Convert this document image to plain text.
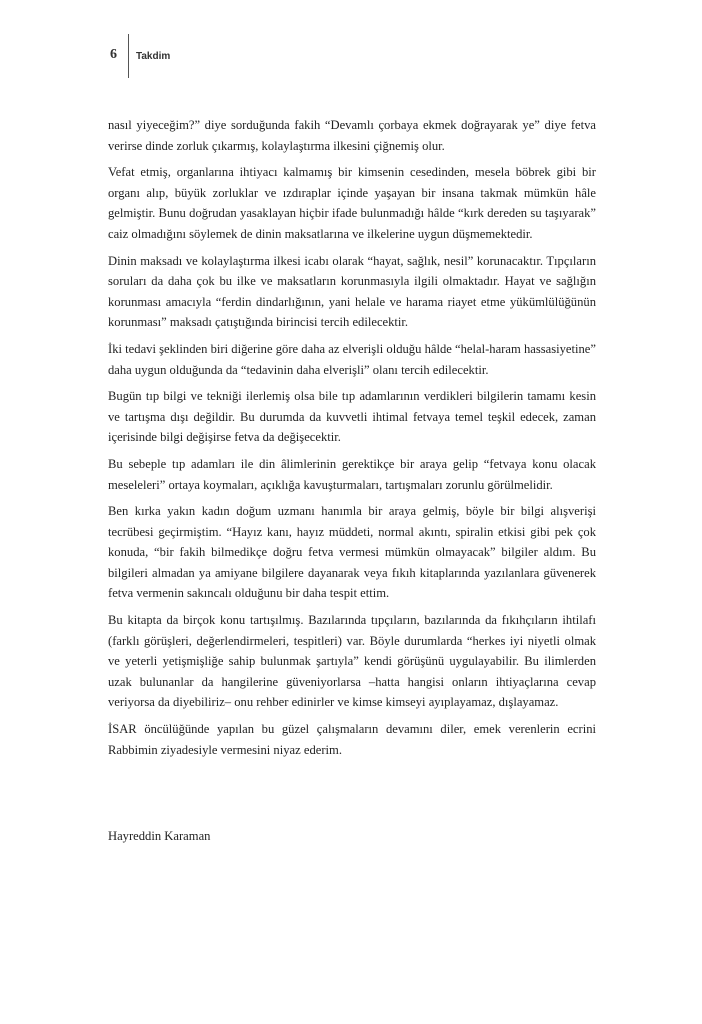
6 Takdim

nasıl yiyeceğim?” diye sorduğunda fakih “Devamlı çorbaya ekmek doğrayarak ye” diye fetva verirse dinde zorluk çıkarmış, kolaylaştırma ilkesini çiğnemiş olur.

Vefat etmiş, organlarına ihtiyacı kalmamış bir kimsenin cesedinden, mesela böbrek gibi bir organı alıp, büyük zorluklar ve ızdıraplar içinde yaşayan bir insana takmak mümkün hâle gelmiştir. Bunu doğrudan yasaklayan hiçbir ifade bulunmadığı hâlde “kırk dereden su taşıyarak” caiz olmadığını söylemek de dinin maksatlarına ve ilkelerine uygun düşmemektedir.

Dinin maksadı ve kolaylaştırma ilkesi icabı olarak “hayat, sağlık, nesil” korunacaktır. Tıpçıların soruları da daha çok bu ilke ve maksatların korunmasıyla ilgili olmaktadır. Hayat ve sağlığın korunması amacıyla “ferdin dindarlığının, yani helale ve harama riayet etme yükümlülüğünün korunması” maksadı çatıştığında birincisi tercih edilecektir.

İki tedavi şeklinden biri diğerine göre daha az elverişli olduğu hâlde “helal-haram hassasiyetine” daha uygun olduğunda da “tedavinin daha elverişli” olanı tercih edilecektir.

Bugün tıp bilgi ve tekniği ilerlemiş olsa bile tıp adamlarının verdikleri bilgilerin tamamı kesin ve tartışma dışı değildir. Bu durumda da kuvvetli ihtimal fetvaya temel teşkil edecek, zaman içerisinde bilgi değişirse fetva da değişecektir.

Bu sebeple tıp adamları ile din âlimlerinin gerektikçe bir araya gelip “fetvaya konu olacak meseleleri” ortaya koymaları, açıklığa kavuşturmaları, tartışmaları zorunlu görülmelidir.

Ben kırka yakın kadın doğum uzmanı hanımla bir araya gelmiş, böyle bir bilgi alışverişi tecrübesi geçirmiştim. “Hayız kanı, hayız müddeti, normal akıntı, spiralin etkisi gibi pek çok konuda, “bir fakih bilmedikçe doğru fetva vermesi mümkün olmayacak” bilgiler aldım. Bu bilgileri almadan ya amiyane bilgilere dayanarak veya fıkıh kitaplarında yazılanlara güvenerek fetva vermenin sakıncalı olduğunu bir daha tespit ettim.

Bu kitapta da birçok konu tartışılmış. Bazılarında tıpçıların, bazılarında da fıkıhçıların ihtilafı (farklı görüşleri, değerlendirmeleri, tespitleri) var. Böyle durumlarda “herkes iyi niyetli olmak ve yeterli yetişmişliğe sahip bulunmak şartıyla” kendi görüşünü uygulayabilir. Bu ilimlerden uzak bulunanlar da hangilerine güveniyorlarsa –hatta hangisi onların ihtiyaçlarına cevap veriyorsa da diyebiliriz– onu rehber edinirler ve kimse kimseyi ayıplayamaz, dışlayamaz.

İSAR öncülüğünde yapılan bu güzel çalışmaların devamını diler, emek verenlerin ecrini Rabbimin ziyadesiyle vermesini niyaz ederim.

Hayreddin Karaman
